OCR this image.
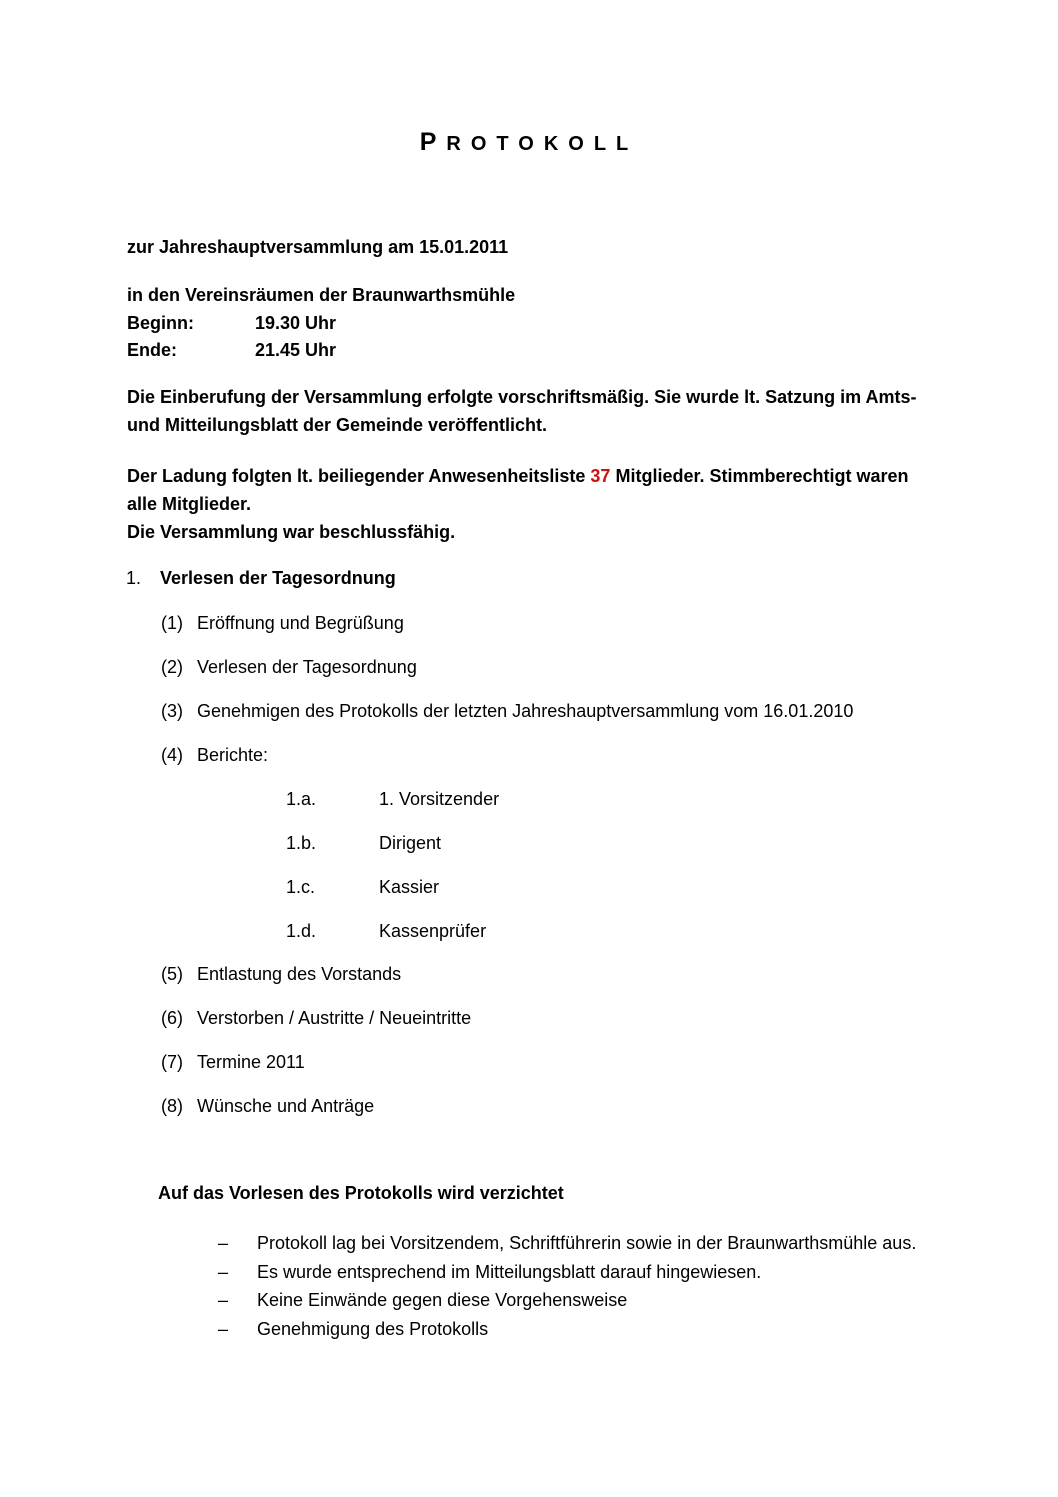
PROTOKOLL
zur Jahreshauptversammlung am 15.01.2011
in den Vereinsräumen der Braunwarthsmühle
Beginn:	19.30 Uhr
Ende:	21.45 Uhr
Die Einberufung der Versammlung erfolgte vorschriftsmäßig. Sie wurde lt. Satzung im Amts- und Mitteilungsblatt der Gemeinde veröffentlicht.
Der Ladung folgten lt. beiliegender Anwesenheitsliste 37 Mitglieder. Stimmberechtigt waren alle Mitglieder.
Die Versammlung war beschlussfähig.
1.	Verlesen der Tagesordnung
(1) Eröffnung und Begrüßung
(2) Verlesen der Tagesordnung
(3) Genehmigen des Protokolls der letzten Jahreshauptversammlung vom 16.01.2010
(4) Berichte:
1.a.	1. Vorsitzender
1.b.	Dirigent
1.c.	Kassier
1.d.	Kassenprüfer
(5) Entlastung des Vorstands
(6) Verstorben / Austritte / Neueintritte
(7) Termine 2011
(8) Wünsche und Anträge
Auf das Vorlesen des Protokolls wird verzichtet
–	Protokoll lag bei Vorsitzendem, Schriftführerin sowie in der Braunwarthsmühle aus.
–	Es wurde entsprechend im Mitteilungsblatt darauf hingewiesen.
–	Keine Einwände gegen diese Vorgehensweise
–	Genehmigung des Protokolls
